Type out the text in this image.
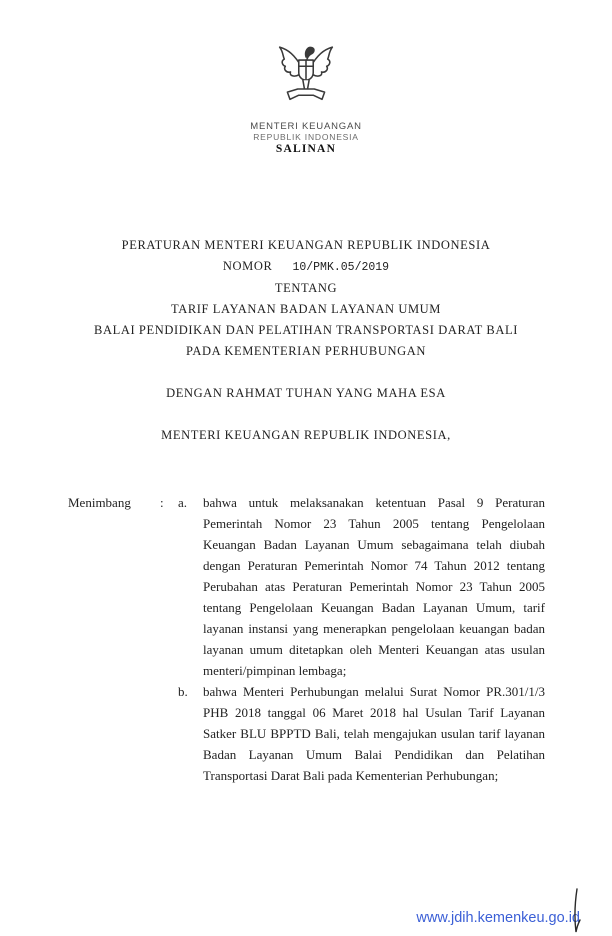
MENTERI KEUANGAN
REPUBLIK INDONESIA
SALINAN
PERATURAN MENTERI KEUANGAN REPUBLIK INDONESIA
NOMOR 10/PMK.05/2019
TENTANG
TARIF LAYANAN BADAN LAYANAN UMUM
BALAI PENDIDIKAN DAN PELATIHAN TRANSPORTASI DARAT BALI
PADA KEMENTERIAN PERHUBUNGAN
DENGAN RAHMAT TUHAN YANG MAHA ESA
MENTERI KEUANGAN REPUBLIK INDONESIA,
Menimbang	:	a.	bahwa untuk melaksanakan ketentuan Pasal 9 Peraturan Pemerintah Nomor 23 Tahun 2005 tentang Pengelolaan Keuangan Badan Layanan Umum sebagaimana telah diubah dengan Peraturan Pemerintah Nomor 74 Tahun 2012 tentang Perubahan atas Peraturan Pemerintah Nomor 23 Tahun 2005 tentang Pengelolaan Keuangan Badan Layanan Umum, tarif layanan instansi yang menerapkan pengelolaan keuangan badan layanan umum ditetapkan oleh Menteri Keuangan atas usulan menteri/pimpinan lembaga;
b.	bahwa Menteri Perhubungan melalui Surat Nomor PR.301/1/3 PHB 2018 tanggal 06 Maret 2018 hal Usulan Tarif Layanan Satker BLU BPPTD Bali, telah mengajukan usulan tarif layanan Badan Layanan Umum Balai Pendidikan dan Pelatihan Transportasi Darat Bali pada Kementerian Perhubungan;
www.jdih.kemenkeu.go.id
